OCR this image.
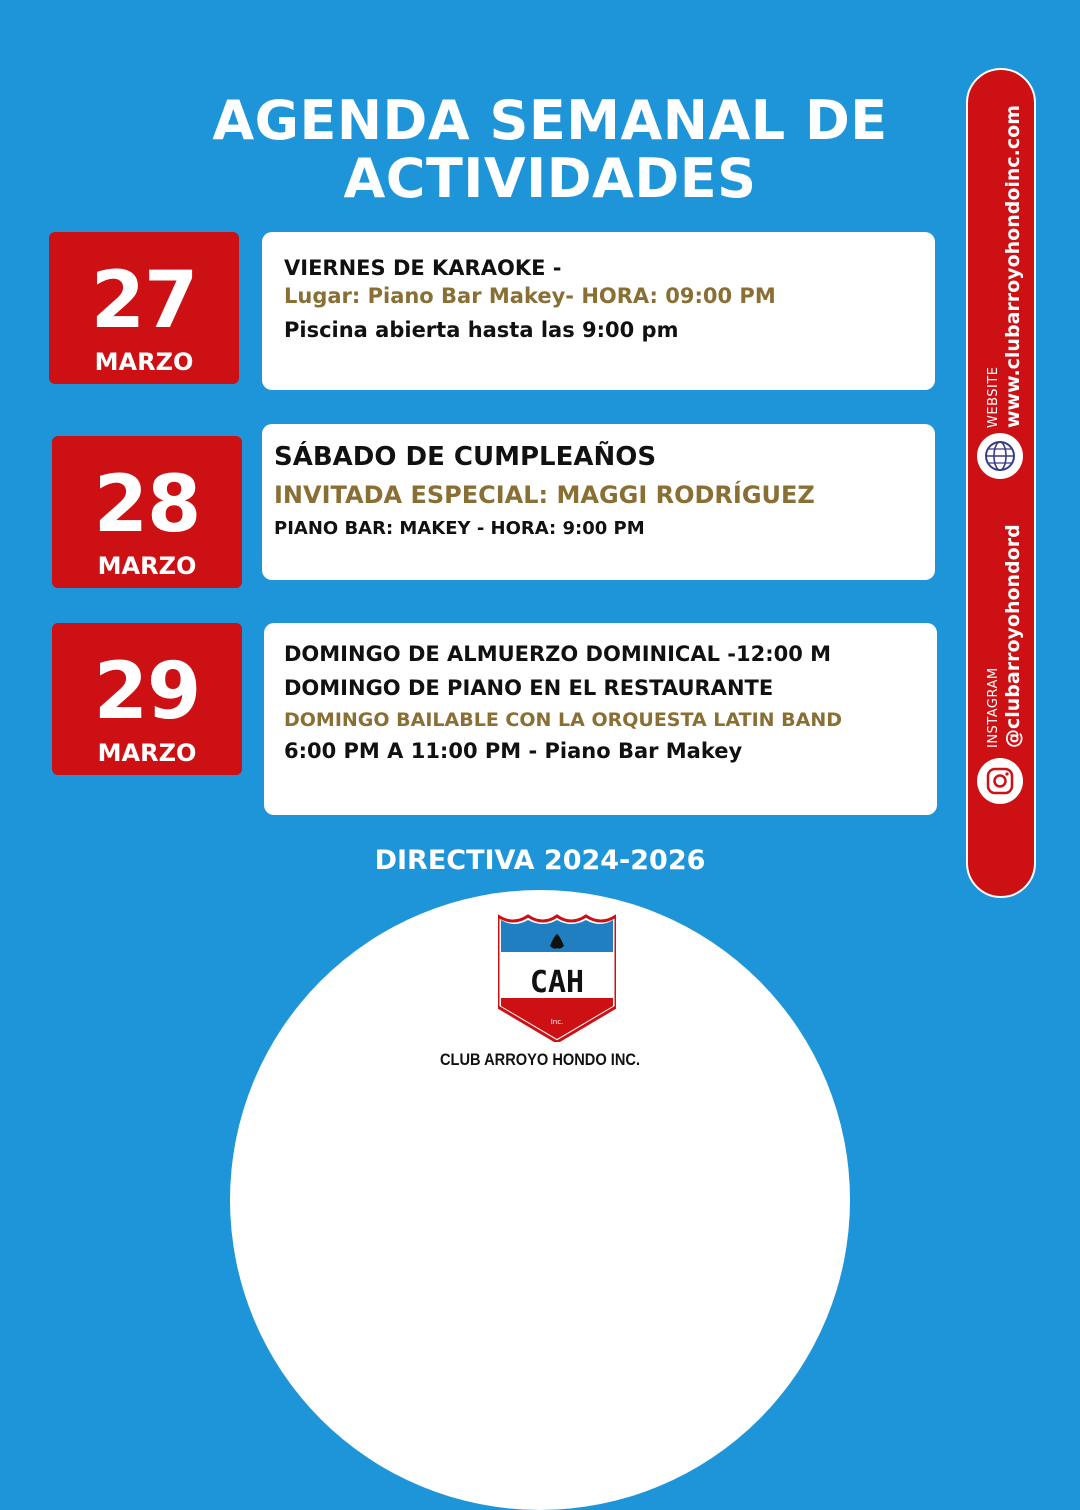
AGENDA SEMANAL DE
ACTIVIDADES
27
MARZO
VIERNES DE KARAOKE -
Lugar: Piano Bar Makey- HORA: 09:00 PM
Piscina abierta hasta las 9:00 pm
28
MARZO
SÁBADO DE CUMPLEAÑOS
INVITADA ESPECIAL: MAGGI RODRÍGUEZ
PIANO BAR: MAKEY - HORA: 9:00 PM
29
MARZO
DOMINGO DE ALMUERZO DOMINICAL -12:00 M
DOMINGO DE PIANO EN EL RESTAURANTE
DOMINGO BAILABLE CON LA ORQUESTA LATIN BAND
6:00 PM A 11:00 PM - Piano Bar Makey
DIRECTIVA 2024-2026
www.clubarroyohondoinc.com
WEBSITE
@clubarroyohondord
INSTAGRAM
CAH
Inc.
CLUB ARROYO HONDO INC.
